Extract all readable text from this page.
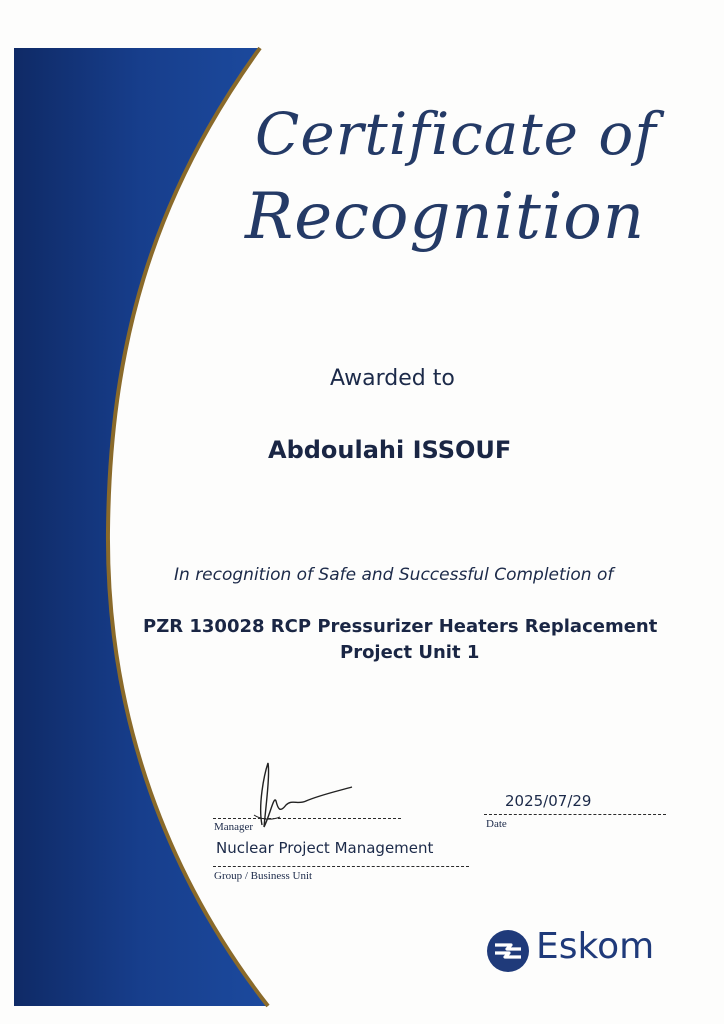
Certificate of
Recognition
Awarded to
Abdoulahi ISSOUF
In recognition of Safe and Successful Completion of
PZR 130028 RCP Pressurizer Heaters Replacement
Project Unit 1
Manager
Nuclear Project Management
Group / Business Unit
2025/07/29
Date
Eskom
